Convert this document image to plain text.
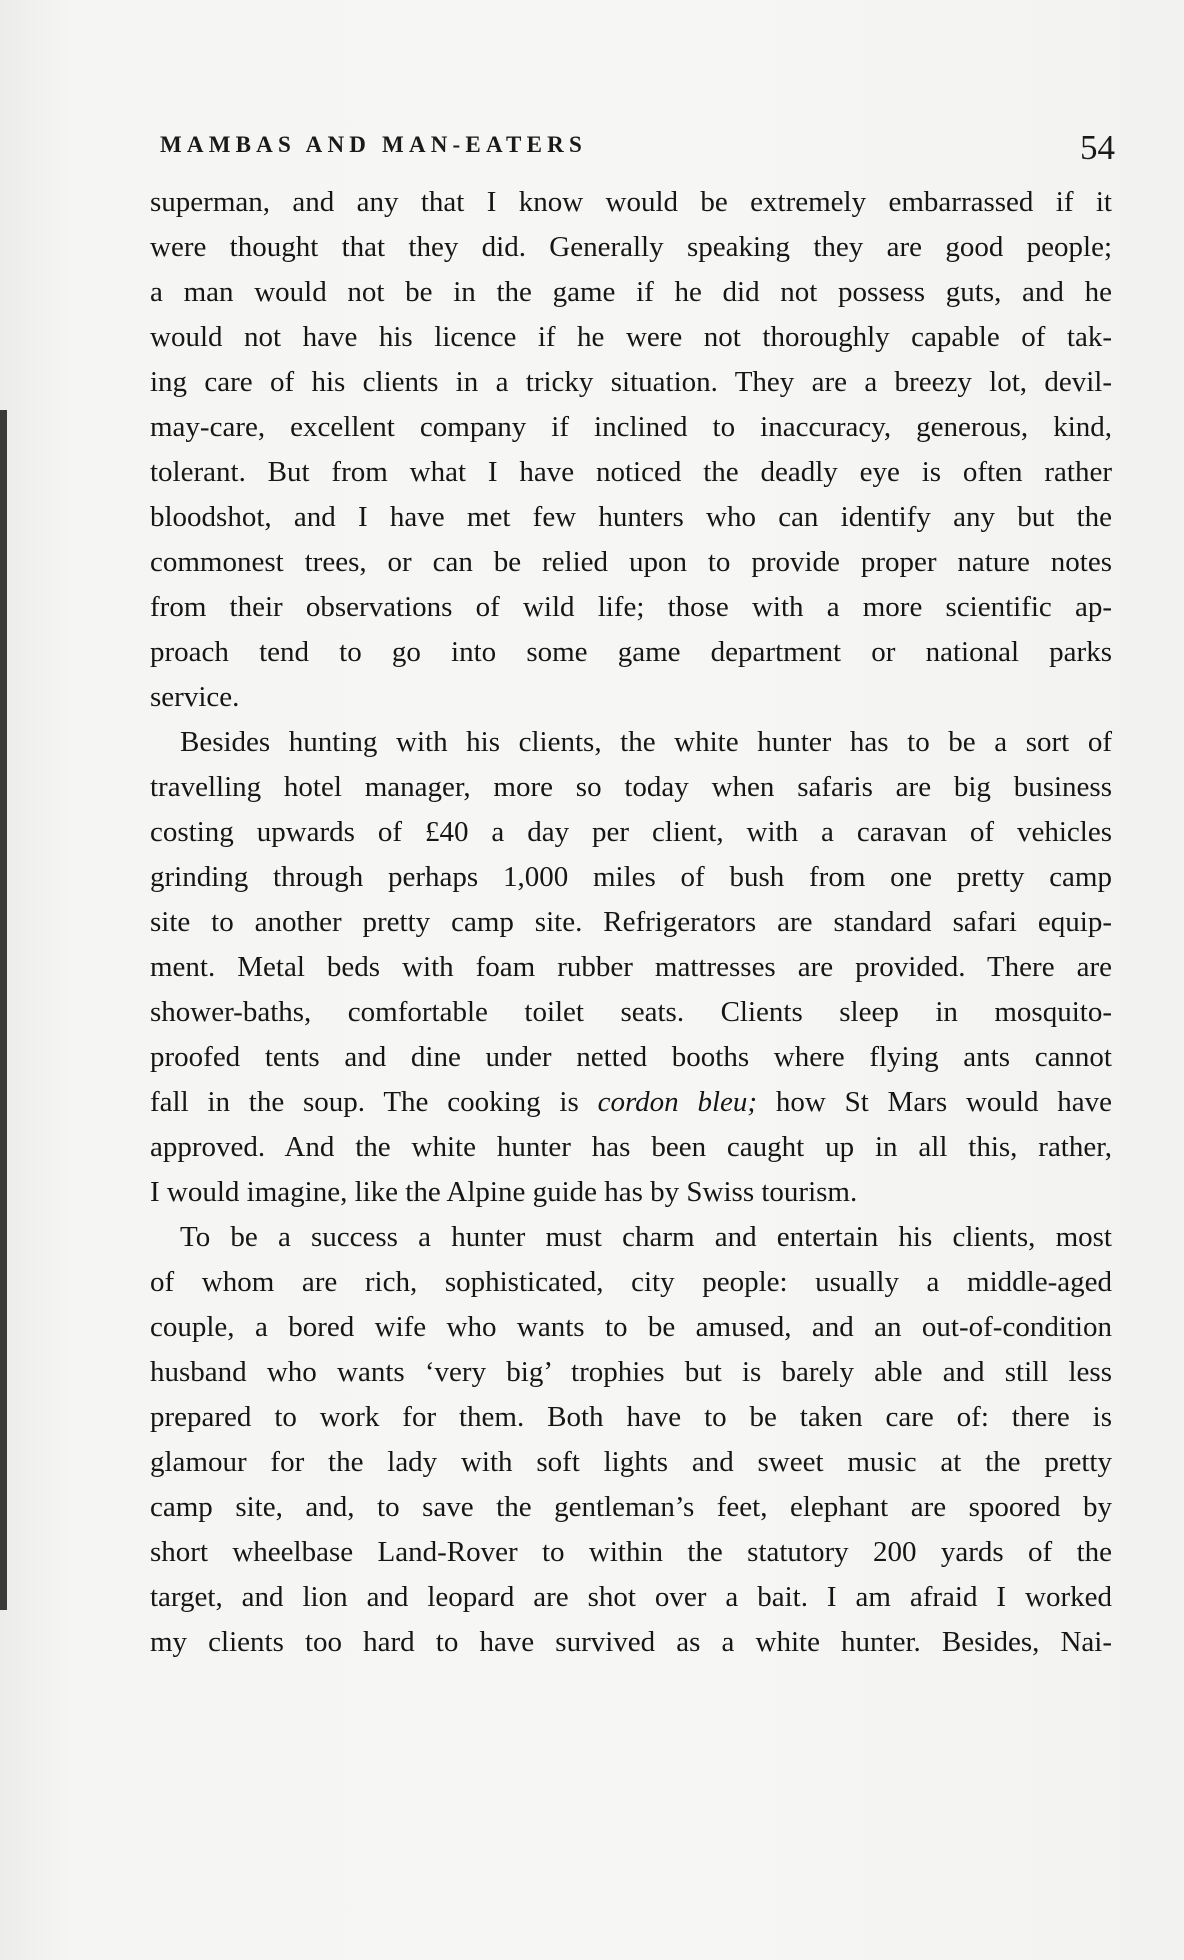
MAMBAS AND MAN-EATERS	54
superman, and any that I know would be extremely embarrassed if it
were thought that they did. Generally speaking they are good people;
a man would not be in the game if he did not possess guts, and he
would not have his licence if he were not thoroughly capable of tak-
ing care of his clients in a tricky situation. They are a breezy lot, devil-
may-care, excellent company if inclined to inaccuracy, generous, kind,
tolerant. But from what I have noticed the deadly eye is often rather
bloodshot, and I have met few hunters who can identify any but the
commonest trees, or can be relied upon to provide proper nature notes
from their observations of wild life; those with a more scientific ap-
proach tend to go into some game department or national parks
service.
Besides hunting with his clients, the white hunter has to be a sort of
travelling hotel manager, more so today when safaris are big business
costing upwards of £40 a day per client, with a caravan of vehicles
grinding through perhaps 1,000 miles of bush from one pretty camp
site to another pretty camp site. Refrigerators are standard safari equip-
ment. Metal beds with foam rubber mattresses are provided. There are
shower-baths, comfortable toilet seats. Clients sleep in mosquito-
proofed tents and dine under netted booths where flying ants cannot
fall in the soup. The cooking is cordon bleu; how St Mars would have
approved. And the white hunter has been caught up in all this, rather,
I would imagine, like the Alpine guide has by Swiss tourism.
To be a success a hunter must charm and entertain his clients, most
of whom are rich, sophisticated, city people: usually a middle-aged
couple, a bored wife who wants to be amused, and an out-of-condition
husband who wants ‘very big’ trophies but is barely able and still less
prepared to work for them. Both have to be taken care of: there is
glamour for the lady with soft lights and sweet music at the pretty
camp site, and, to save the gentleman’s feet, elephant are spoored by
short wheelbase Land-Rover to within the statutory 200 yards of the
target, and lion and leopard are shot over a bait. I am afraid I worked
my clients too hard to have survived as a white hunter. Besides, Nai-
